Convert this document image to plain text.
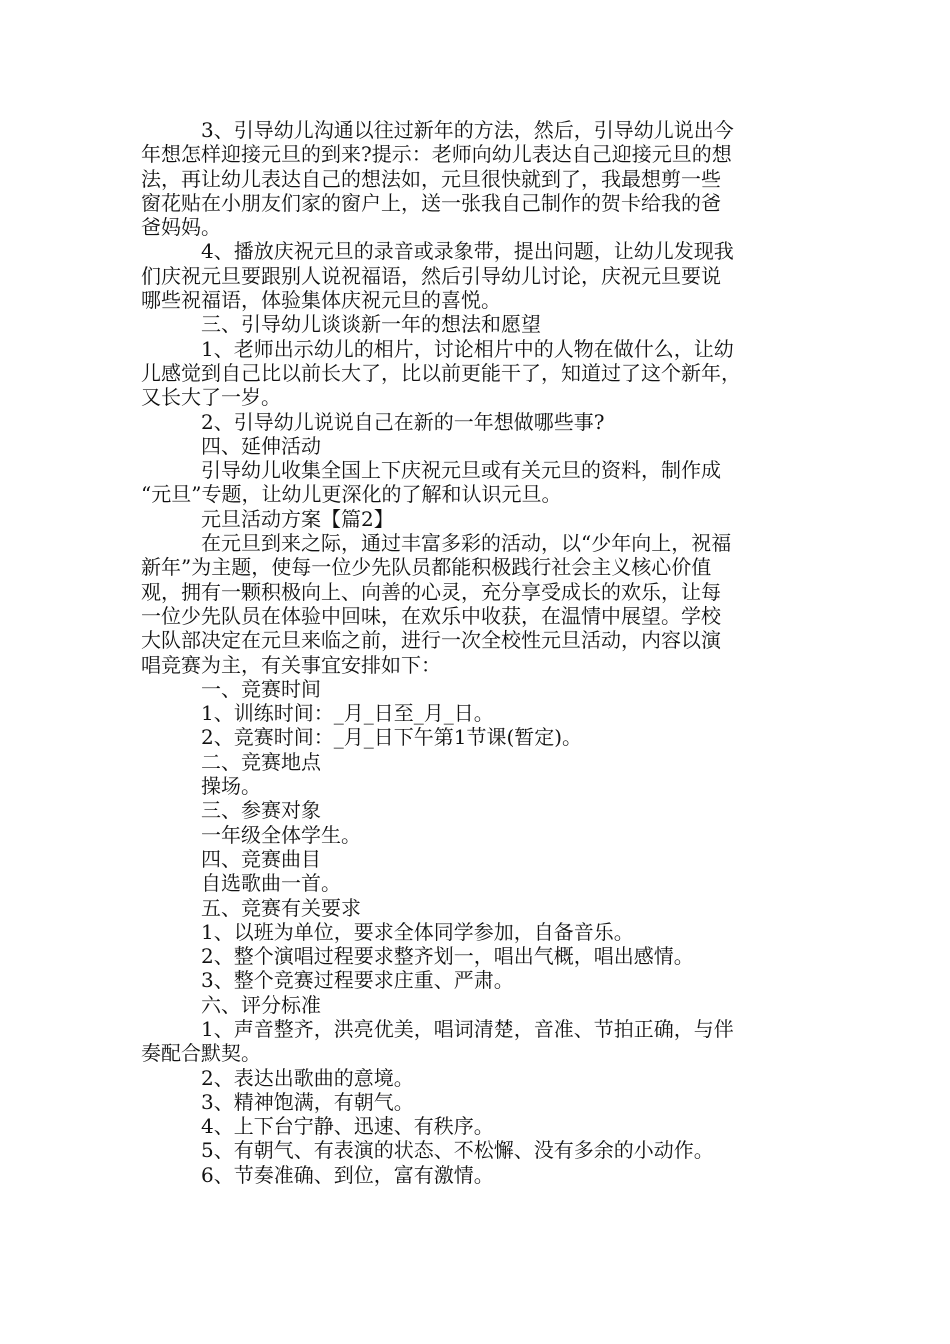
3、引导幼儿沟通以往过新年的方法，然后，引导幼儿说出今
年想怎样迎接元旦的到来?提示：老师向幼儿表达自己迎接元旦的想
法，再让幼儿表达自己的想法如，元旦很快就到了，我最想剪一些
窗花贴在小朋友们家的窗户上，送一张我自己制作的贺卡给我的爸
爸妈妈。
4、播放庆祝元旦的录音或录象带，提出问题，让幼儿发现我
们庆祝元旦要跟别人说祝福语，然后引导幼儿讨论，庆祝元旦要说
哪些祝福语，体验集体庆祝元旦的喜悦。
三、引导幼儿谈谈新一年的想法和愿望
1、老师出示幼儿的相片，讨论相片中的人物在做什么，让幼
儿感觉到自己比以前长大了，比以前更能干了，知道过了这个新年，
又长大了一岁。
2、引导幼儿说说自己在新的一年想做哪些事?
四、延伸活动
引导幼儿收集全国上下庆祝元旦或有关元旦的资料，制作成
“元旦”专题，让幼儿更深化的了解和认识元旦。
元旦活动方案【篇2】
在元旦到来之际，通过丰富多彩的活动，以“少年向上，祝福
新年”为主题，使每一位少先队员都能积极践行社会主义核心价值
观，拥有一颗积极向上、向善的心灵，充分享受成长的欢乐，让每
一位少先队员在体验中回味，在欢乐中收获，在温情中展望。学校
大队部决定在元旦来临之前，进行一次全校性元旦活动，内容以演
唱竞赛为主，有关事宜安排如下：
一、竞赛时间
1、训练时间：_月_日至_月_日。
2、竞赛时间：_月_日下午第1节课(暂定)。
二、竞赛地点
操场。
三、参赛对象
一年级全体学生。
四、竞赛曲目
自选歌曲一首。
五、竞赛有关要求
1、以班为单位，要求全体同学参加，自备音乐。
2、整个演唱过程要求整齐划一，唱出气概，唱出感情。
3、整个竞赛过程要求庄重、严肃。
六、评分标准
1、声音整齐，洪亮优美，唱词清楚，音准、节拍正确，与伴
奏配合默契。
2、表达出歌曲的意境。
3、精神饱满，有朝气。
4、上下台宁静、迅速、有秩序。
5、有朝气、有表演的状态、不松懈、没有多余的小动作。
6、节奏准确、到位，富有激情。
